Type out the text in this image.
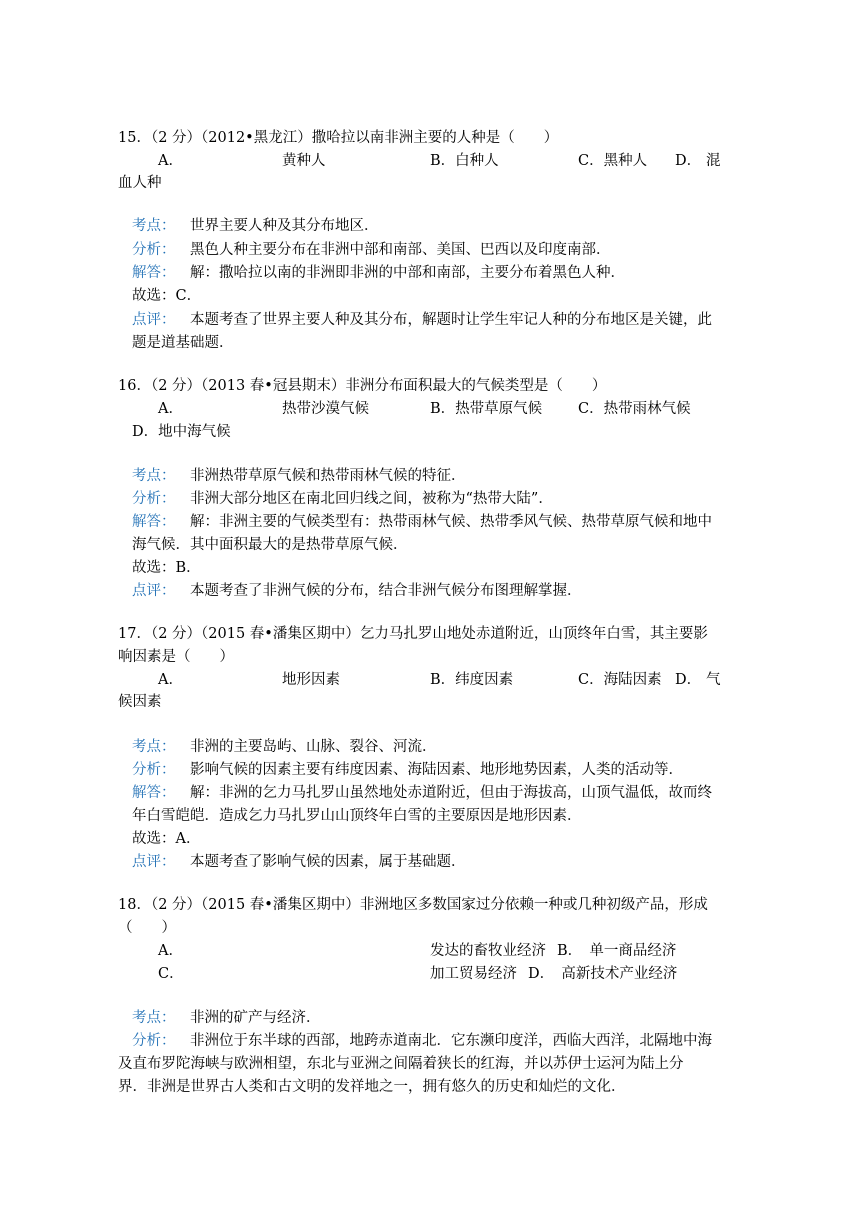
15．（2 分）（2012•黑龙江）撒哈拉以南非洲主要的人种是（　　）
A．	黄种人	B．白种人	C．黑种人 D． 混
血人种
考点： 世界主要人种及其分布地区．
分析： 黑色人种主要分布在非洲中部和南部、美国、巴西以及印度南部．
解答： 解：撒哈拉以南的非洲即非洲的中部和南部，主要分布着黑色人种．
故选：C．
点评： 本题考查了世界主要人种及其分布，解题时让学生牢记人种的分布地区是关键，此
题是道基础题．
16．（2 分）（2013 春•冠县期末）非洲分布面积最大的气候类型是（　　）
A．	热带沙漠气候	B．热带草原气候 C．热带雨林气候
D．地中海气候
考点： 非洲热带草原气候和热带雨林气候的特征．
分析： 非洲大部分地区在南北回归线之间，被称为“热带大陆”．
解答： 解：非洲主要的气候类型有：热带雨林气候、热带季风气候、热带草原气候和地中
海气候．其中面积最大的是热带草原气候．
故选：B．
点评： 本题考查了非洲气候的分布，结合非洲气候分布图理解掌握．
17．（2 分）（2015 春•潘集区期中）乞力马扎罗山地处赤道附近，山顶终年白雪，其主要影
响因素是（　　）
A．	地形因素	B．纬度因素	C．海陆因素 D． 气
候因素
考点： 非洲的主要岛屿、山脉、裂谷、河流．
分析： 影响气候的因素主要有纬度因素、海陆因素、地形地势因素，人类的活动等．
解答： 解：非洲的乞力马扎罗山虽然地处赤道附近，但由于海拔高，山顶气温低，故而终
年白雪皑皑．造成乞力马扎罗山山顶终年白雪的主要原因是地形因素．
故选：A．
点评： 本题考查了影响气候的因素，属于基础题．
18．（2 分）（2015 春•潘集区期中）非洲地区多数国家过分依赖一种或几种初级产品，形成
（　　）
A．	发达的畜牧业经济 B．　单一商品经济
C．	加工贸易经济 D．　高新技术产业经济
考点： 非洲的矿产与经济．
分析： 非洲位于东半球的西部，地跨赤道南北．它东濒印度洋，西临大西洋，北隔地中海
及直布罗陀海峡与欧洲相望，东北与亚洲之间隔着狭长的红海，并以苏伊士运河为陆上分
界．非洲是世界古人类和古文明的发祥地之一，拥有悠久的历史和灿烂的文化．
